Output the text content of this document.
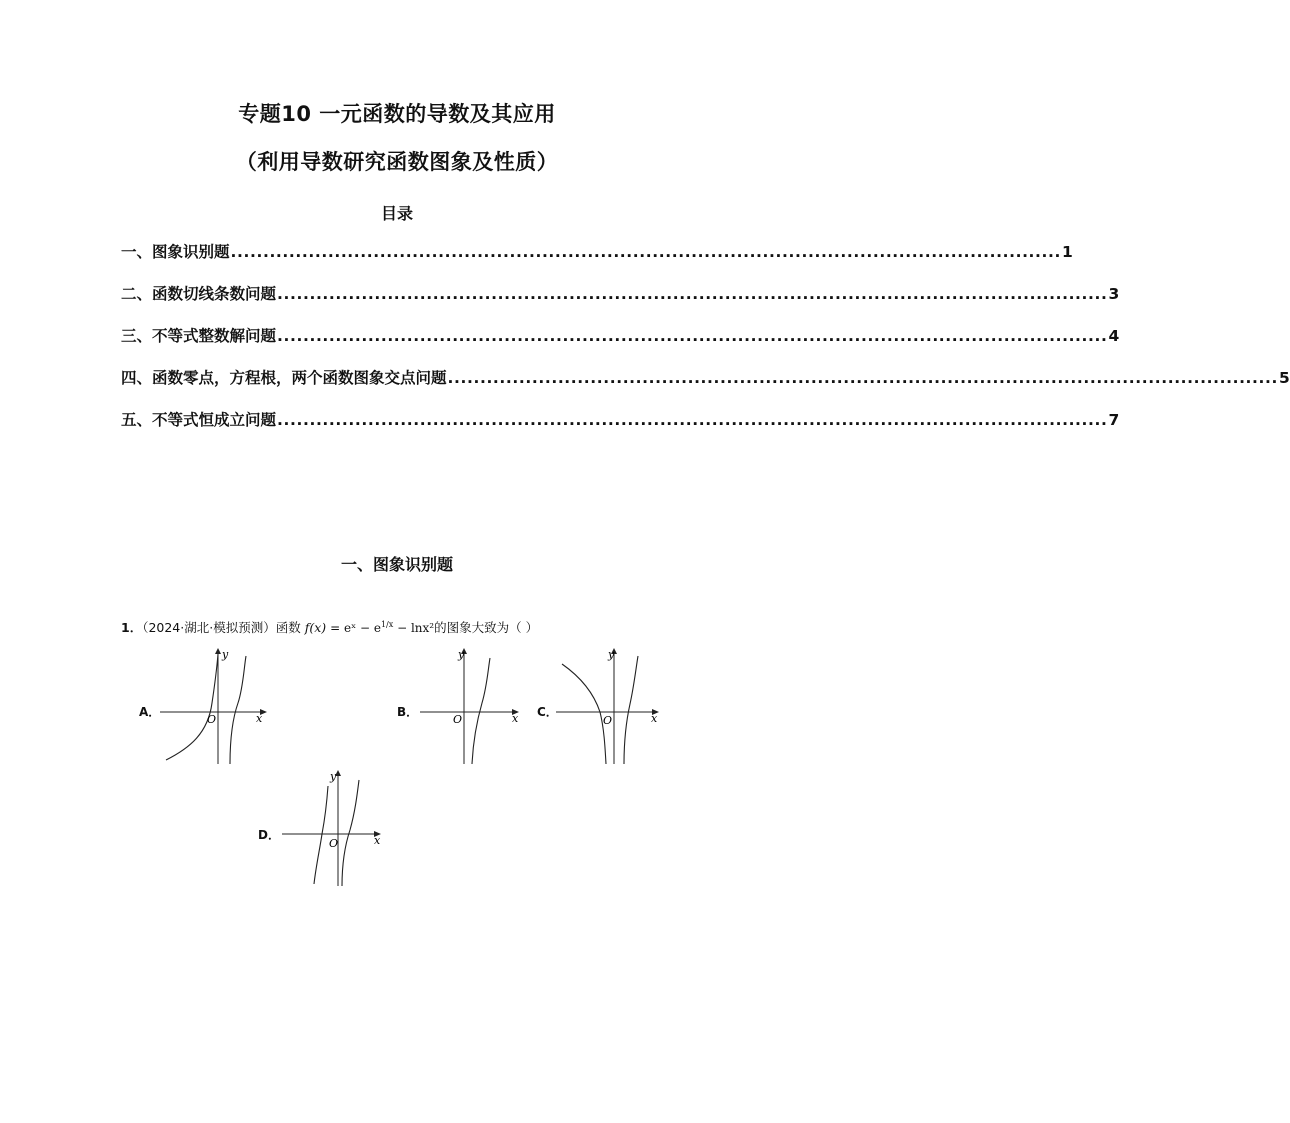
专题10 一元函数的导数及其应用
（利用导数研究函数图象及性质）
目录
一、图象识别题 ................................................................................................................................ 1
二、函数切线条数问题 ................................................................................................................................ 3
三、不等式整数解问题 ................................................................................................................................ 4
四、函数零点，方程根，两个函数图象交点问题 ................................................................................................................................ 5
五、不等式恒成立问题 ................................................................................................................................ 7
一、图象识别题
1．（2024·湖北·模拟预测）函数 f(x) = eˣ − $e^{1/x} - \ln x^2$的图象大致为（ ）
A．
y
x
O
B．
y
x
O
C．
y
x
O
D．
y
x
O
